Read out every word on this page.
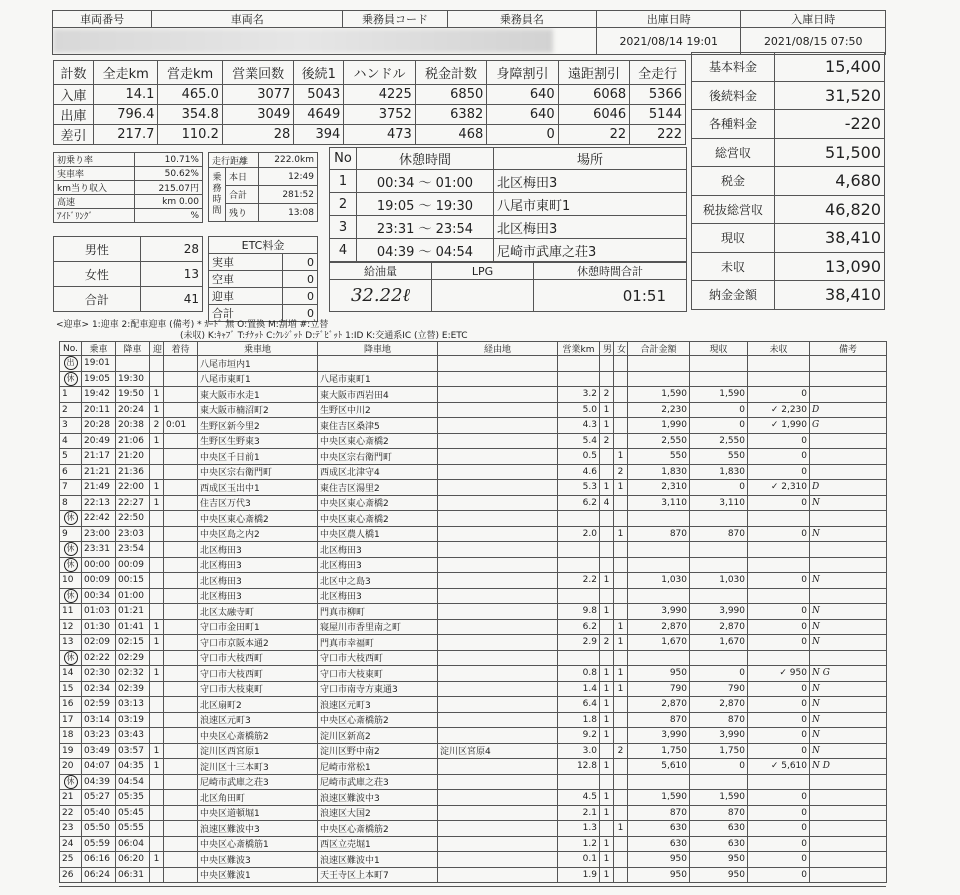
車両番号	車両名	乗務員コード	乗務員名	出庫日時	入庫日時

				2021/08/14 19:01	2021/08/15 07:50
計数	全走km	営走km	営業回数	後続1	ハンドル	税金計数	身障割引	遠距割引	全走行
入庫	14.1	465.0	3077	5043	4225	6850	640	6068	5366
出庫	796.4	354.8	3049	4649	3752	6382	640	6046	5144
差引	217.7	110.2	28	394	473	468	0	22	222
基本料金	15,400
後続料金	31,520
各種料金	-220
総営収	51,500
税金	4,680
税抜総営収	46,820
現収	38,410
未収	13,090
納金金額	38,410
初乗り率	10.71%
実車率	50.62%
km当り収入	215.07円
高速	km 0.00
ｱｲﾄﾞﾘﾝｸﾞ	%
走行距離		222.0km
乗務時間	本日	12:49
	合計	281:52
	残り	13:08
No	休憩時間	場所
1	00:34 ～ 01:00	北区梅田3
2	19:05 ～ 19:30	八尾市東町1
3	23:31 ～ 23:54	北区梅田3
4	04:39 ～ 04:54	尼崎市武庫之荘3
男性	28
女性	13
合計	41
ETC料金	
実車	0
空車	0
迎車	0
合計	0
給油量	LPG	休憩時間合計
32.22ℓ		01:51
<迎車> 1:迎車 2:配車迎車 (備考) * ｶｰﾄﾞ 無 O:置換 M:割増 #:立替
(未収) K:ｷｬﾌﾞ T:ﾁｹｯﾄ C:ｸﾚｼﾞｯﾄ D:ﾃﾞﾋﾞｯﾄ 1:ID K:交通系IC (立替) E:ETC
No.	乗車	降車	迎	着待	乗車地	降車地	経由地	営業km	男	女	合計金額	現収	未収	備考
出	19:01				八尾市垣内1									
休	19:05	19:30			八尾市東町1	八尾市東町1								
1	19:42	19:50	1		東大阪市水走1	東大阪市西岩田4		3.2	2		1,590	1,590	0	
2	20:11	20:24	1		東大阪市楠沼町2	生野区中川2		5.0	1		2,230	0	✓ 2,230	D
3	20:28	20:38	2	0:01	生野区新今里2	東住吉区桑津5		4.3	1		1,990	0	✓ 1,990	G
4	20:49	21:06	1		生野区生野東3	中央区東心斎橋2		5.4	2		2,550	2,550	0	
5	21:17	21:20			中央区千日前1	中央区宗右衛門町		0.5		1	550	550	0	
6	21:21	21:36			中央区宗右衛門町	西成区北津守4		4.6		2	1,830	1,830	0	
7	21:49	22:00	1		西成区玉出中1	東住吉区湯里2		5.3	1	1	2,310	0	✓ 2,310	D
8	22:13	22:27	1		住吉区万代3	中央区東心斎橋2		6.2	4		3,110	3,110	0	N
休	22:42	22:50			中央区東心斎橋2	中央区東心斎橋2								
9	23:00	23:03			中央区島之内2	中央区農人橋1		2.0		1	870	870	0	N
休	23:31	23:54			北区梅田3	北区梅田3								
休	00:00	00:09			北区梅田3	北区梅田3								
10	00:09	00:15			北区梅田3	北区中之島3		2.2	1		1,030	1,030	0	N
休	00:34	01:00			北区梅田3	北区梅田3								
11	01:03	01:21			北区太融寺町	門真市柳町		9.8	1		3,990	3,990	0	N
12	01:30	01:41	1		守口市金田町1	寝屋川市香里南之町		6.2		1	2,870	2,870	0	N
13	02:09	02:15	1		守口市京阪本通2	門真市幸福町		2.9	2	1	1,670	1,670	0	N
休	02:22	02:29			守口市大枝西町	守口市大枝西町								
14	02:30	02:32	1		守口市大枝西町	守口市大枝東町		0.8	1	1	950	0	✓ 950	N G
15	02:34	02:39			守口市大枝東町	守口市南寺方東通3		1.4	1	1	790	790	0	N
16	02:59	03:13			北区扇町2	浪速区元町3		6.4	1		2,870	2,870	0	N
17	03:14	03:19			浪速区元町3	中央区心斎橋筋2		1.8	1		870	870	0	N
18	03:23	03:43			中央区心斎橋筋2	淀川区新高2		9.2	1		3,990	3,990	0	N
19	03:49	03:57	1		淀川区西宮原1	淀川区野中南2	淀川区宮原4	3.0		2	1,750	1,750	0	N
20	04:07	04:35	1		淀川区十三本町3	尼崎市常松1		12.8	1		5,610	0	✓ 5,610	N D
休	04:39	04:54			尼崎市武庫之荘3	尼崎市武庫之荘3								
21	05:27	05:35			北区角田町	浪速区難波中3		4.5	1		1,590	1,590	0	
22	05:40	05:45			中央区道頓堀1	浪速区大国2		2.1	1		870	870	0	
23	05:50	05:55			浪速区難波中3	中央区心斎橋筋2		1.3		1	630	630	0	
24	05:59	06:04			中央区心斎橋筋1	西区立売堀1		1.2	1		630	630	0	
25	06:16	06:20	1		中央区難波3	浪速区難波中1		0.1	1		950	950	0	
26	06:24	06:31			中央区難波1	天王寺区上本町7		1.9	1		950	950	0	
